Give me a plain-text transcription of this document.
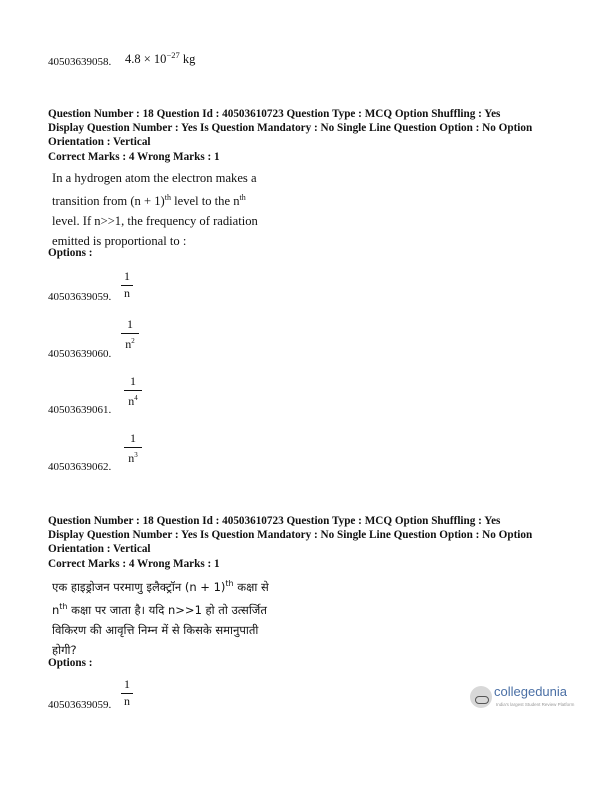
40503639058. $4.8 \times 10^{-27}$ kg
Question Number : 18 Question Id : 40503610723 Question Type : MCQ Option Shuffling : Yes
Display Question Number : Yes Is Question Mandatory : No Single Line Question Option : No Option
Orientation : Vertical
Correct Marks : 4 Wrong Marks : 1
In a hydrogen atom the electron makes a
transition from $(n + 1)^{th}$ level to the $n^{th}$
level. If n>>1, the frequency of radiation
emitted is proportional to :
Options :
40503639059.
1
n
40503639060.
1
$n^2$
40503639061.
1
$n^4$
40503639062.
1
$n^3$
Question Number : 18 Question Id : 40503610723 Question Type : MCQ Option Shuffling : Yes
Display Question Number : Yes Is Question Mandatory : No Single Line Question Option : No Option
Orientation : Vertical
Correct Marks : 4 Wrong Marks : 1
एक हाइड्रोजन परमाणु इलैक्ट्रॉन $(n + 1)^{th}$ कक्षा से
$n^{th}$ कक्षा पर जाता है। यदि n>>1 हो तो उत्सर्जित
विकिरण की आवृत्ति निम्न में से किसके समानुपाती
होगी?
Options :
40503639059.
1
n
collegedunia
India's largest Student Review Platform
